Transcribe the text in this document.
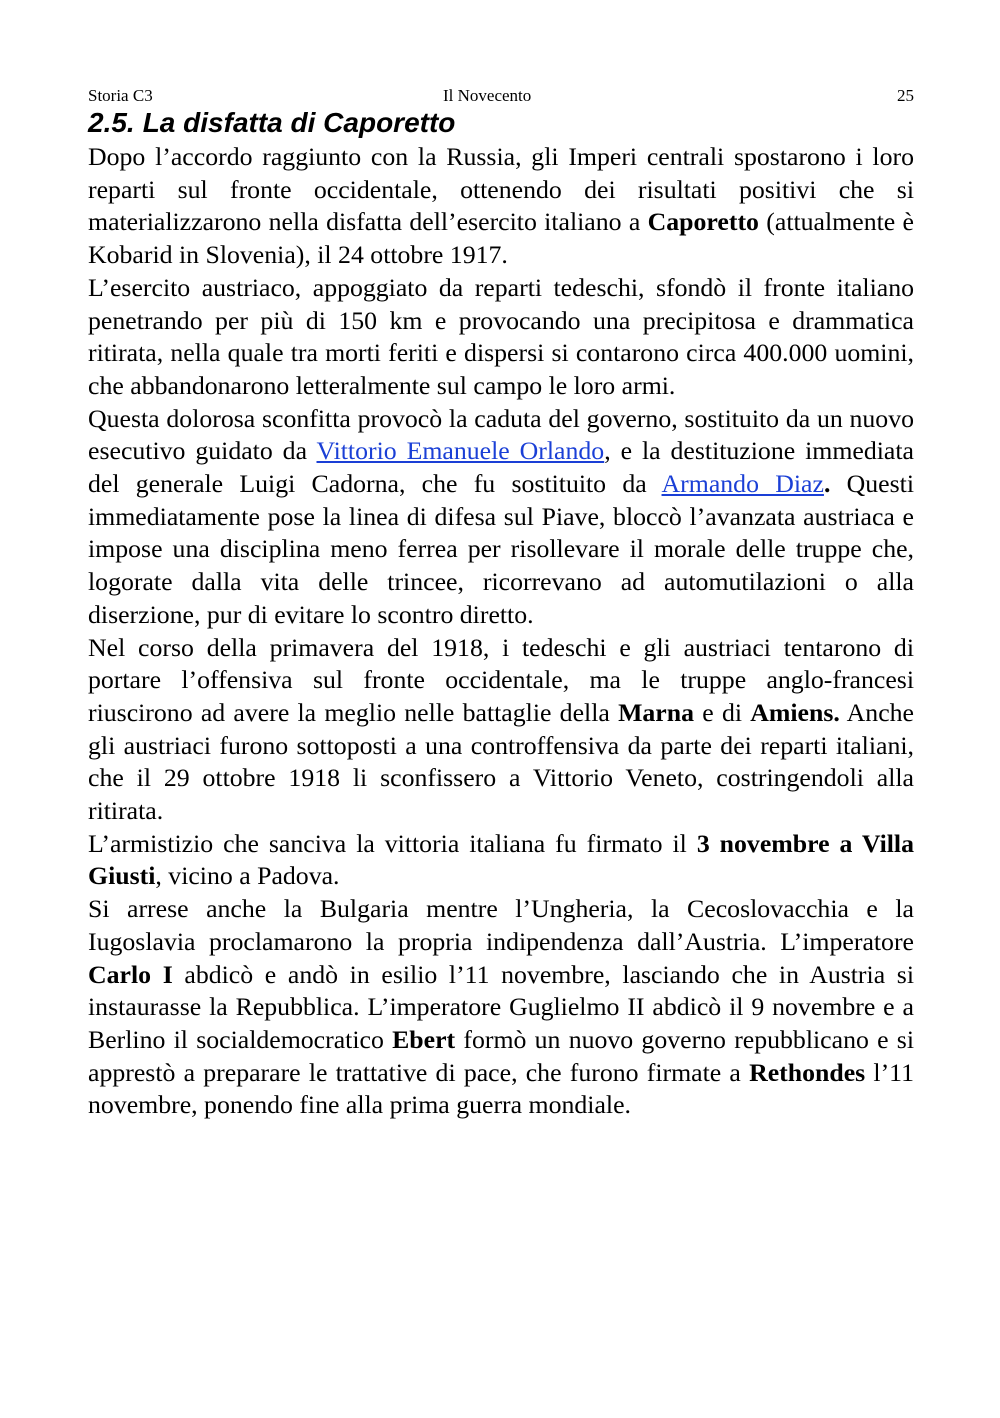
Storia C3	Il Novecento	25
2.5. La disfatta di Caporetto

Dopo l’accordo raggiunto con la Russia, gli Imperi centrali spostarono i loro reparti sul fronte occidentale, ottenendo dei risultati positivi che si materializzarono nella disfatta dell’esercito italiano a Caporetto (attualmente è Kobarid in Slovenia), il 24 ottobre 1917.

L’esercito austriaco, appoggiato da reparti tedeschi, sfondò il fronte italiano penetrando per più di 150 km e provocando una precipitosa e drammatica ritirata, nella quale tra morti feriti e dispersi si contarono circa 400.000 uomini, che abbandonarono letteralmente sul campo le loro armi.

Questa dolorosa sconfitta provocò la caduta del governo, sostituito da un nuovo esecutivo guidato da Vittorio Emanuele Orlando, e la destituzione immediata del generale Luigi Cadorna, che fu sostituito da Armando Diaz. Questi immediatamente pose la linea di difesa sul Piave, bloccò l’avanzata austriaca e impose una disciplina meno ferrea per risollevare il morale delle truppe che, logorate dalla vita delle trincee, ricorrevano ad automutilazioni o alla diserzione, pur di evitare lo scontro diretto.

Nel corso della primavera del 1918, i tedeschi e gli austriaci tentarono di portare l’offensiva sul fronte occidentale, ma le truppe anglo-francesi riuscirono ad avere la meglio nelle battaglie della Marna e di Amiens. Anche gli austriaci furono sottoposti a una controffensiva da parte dei reparti italiani, che il 29 ottobre 1918 li sconfissero a Vittorio Veneto, costringendoli alla ritirata.

L’armistizio che sanciva la vittoria italiana fu firmato il 3 novembre a Villa Giusti, vicino a Padova.

Si arrese anche la Bulgaria mentre l’Ungheria, la Cecoslovacchia e la Iugoslavia proclamarono la propria indipendenza dall’Austria. L’imperatore Carlo I abdicò e andò in esilio l’11 novembre, lasciando che in Austria si instaurasse la Repubblica. L’imperatore Guglielmo II abdicò il 9 novembre e a Berlino il socialdemocratico Ebert formò un nuovo governo repubblicano e si apprestò a preparare le trattative di pace, che furono firmate a Rethondes l’11 novembre, ponendo fine alla prima guerra mondiale.
